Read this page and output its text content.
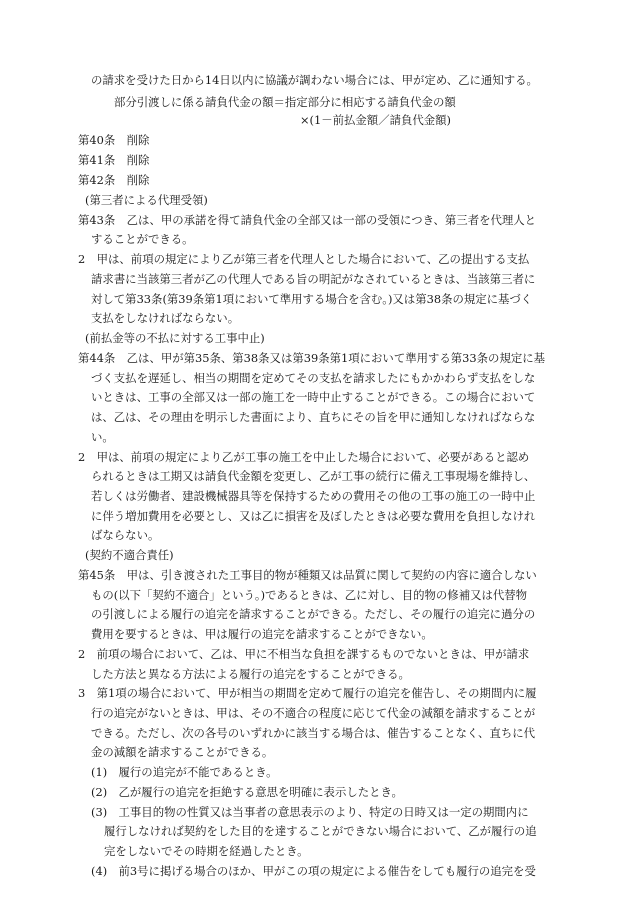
の請求を受けた日から14日以内に協議が調わない場合には、甲が定め、乙に通知する。
部分引渡しに係る請負代金の額＝指定部分に相応する請負代金の額
×(1－前払金額／請負代金額)
第40条　削除
第41条　削除
第42条　削除
(第三者による代理受領)
第43条　乙は、甲の承諾を得て請負代金の全部又は一部の受領につき、第三者を代理人と
することができる。
2　甲は、前項の規定により乙が第三者を代理人とした場合において、乙の提出する支払
請求書に当該第三者が乙の代理人である旨の明記がなされているときは、当該第三者に
対して第33条(第39条第1項において準用する場合を含む。)又は第38条の規定に基づく
支払をしなければならない。
(前払金等の不払に対する工事中止)
第44条　乙は、甲が第35条、第38条又は第39条第1項において準用する第33条の規定に基
づく支払を遅延し、相当の期間を定めてその支払を請求したにもかかわらず支払をしな
いときは、工事の全部又は一部の施工を一時中止することができる。この場合において
は、乙は、その理由を明示した書面により、直ちにその旨を甲に通知しなければならな
い。
2　甲は、前項の規定により乙が工事の施工を中止した場合において、必要があると認め
られるときは工期又は請負代金額を変更し、乙が工事の続行に備え工事現場を維持し、
若しくは労働者、建設機械器具等を保持するための費用その他の工事の施工の一時中止
に伴う増加費用を必要とし、又は乙に損害を及ぼしたときは必要な費用を負担しなけれ
ばならない。
(契約不適合責任)
第45条　甲は、引き渡された工事目的物が種類又は品質に関して契約の内容に適合しない
もの(以下「契約不適合」という。)であるときは、乙に対し、目的物の修補又は代替物
の引渡しによる履行の追完を請求することができる。ただし、その履行の追完に過分の
費用を要するときは、甲は履行の追完を請求することができない。
2　前項の場合において、乙は、甲に不相当な負担を課するものでないときは、甲が請求
した方法と異なる方法による履行の追完をすることができる。
3　第1項の場合において、甲が相当の期間を定めて履行の追完を催告し、その期間内に履
行の追完がないときは、甲は、その不適合の程度に応じて代金の減額を請求することが
できる。ただし、次の各号のいずれかに該当する場合は、催告することなく、直ちに代
金の減額を請求することができる。
(1)　履行の追完が不能であるとき。
(2)　乙が履行の追完を拒絶する意思を明確に表示したとき。
(3)　工事目的物の性質又は当事者の意思表示のより、特定の日時又は一定の期間内に
履行しなければ契約をした目的を達することができない場合において、乙が履行の追
完をしないでその時期を経過したとき。
(4)　前3号に掲げる場合のほか、甲がこの項の規定による催告をしても履行の追完を受
